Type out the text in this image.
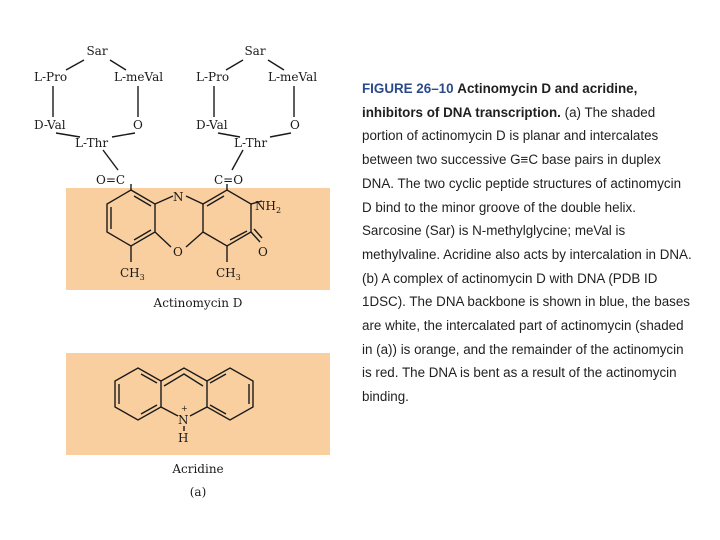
Sar
L-Pro	L-meVal
D-Val	O
L-Thr
Sar
L-Pro	L-meVal
D-Val	O
L-Thr
O=C	C=O
N
$NH_2$
O	O
$CH_3$	$CH_3$
N
+
H
Actinomycin D
Acridine
(a)
FIGURE 26–10 Actinomycin D and acridine, inhibitors of DNA transcription. (a) The shaded portion of actinomycin D is planar and intercalates between two successive G≡C base pairs in duplex DNA. The two cyclic peptide structures of actinomycin D bind to the minor groove of the double helix. Sarcosine (Sar) is N-methylglycine; meVal is methylvaline. Acridine also acts by intercalation in DNA. (b) A complex of actinomycin D with DNA (PDB ID 1DSC). The DNA backbone is shown in blue, the bases are white, the intercalated part of actinomycin (shaded in (a)) is orange, and the remainder of the actinomycin is red. The DNA is bent as a result of the actinomycin binding.
